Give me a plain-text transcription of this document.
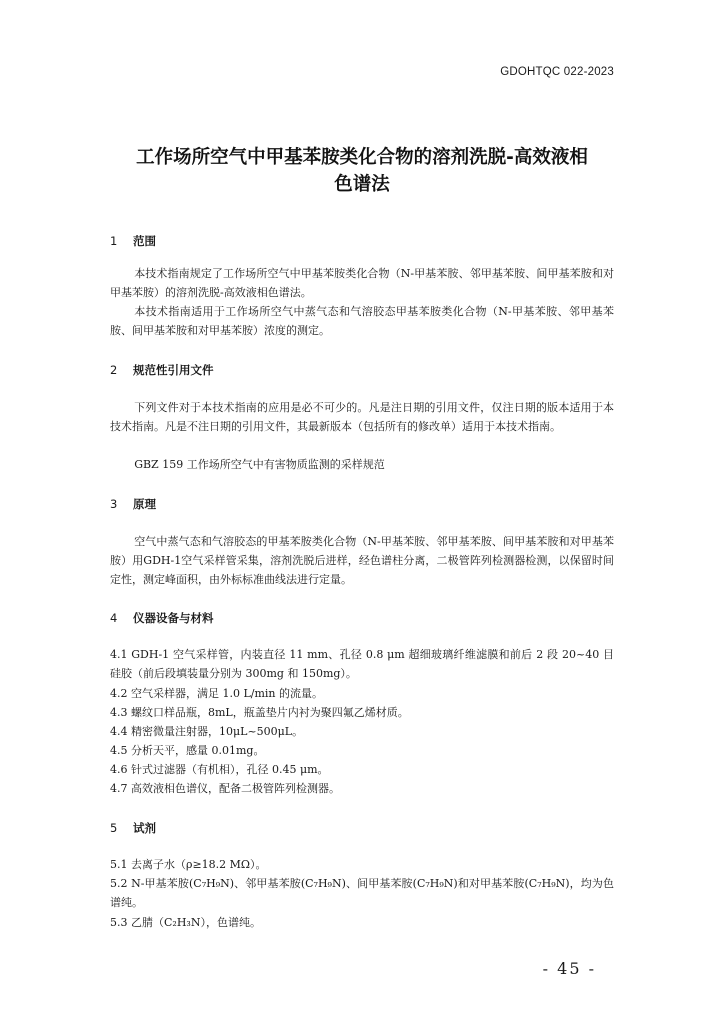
GDOHTQC 022-2023
工作场所空气中甲基苯胺类化合物的溶剂洗脱-高效液相
色谱法
1 范围
本技术指南规定了工作场所空气中甲基苯胺类化合物（N-甲基苯胺、邻甲基苯胺、间甲基苯胺和对甲基苯胺）的溶剂洗脱-高效液相色谱法。
本技术指南适用于工作场所空气中蒸气态和气溶胶态甲基苯胺类化合物（N-甲基苯胺、邻甲基苯胺、间甲基苯胺和对甲基苯胺）浓度的测定。
2 规范性引用文件
下列文件对于本技术指南的应用是必不可少的。凡是注日期的引用文件，仅注日期的版本适用于本技术指南。凡是不注日期的引用文件，其最新版本（包括所有的修改单）适用于本技术指南。
GBZ 159 工作场所空气中有害物质监测的采样规范
3 原理
空气中蒸气态和气溶胶态的甲基苯胺类化合物（N-甲基苯胺、邻甲基苯胺、间甲基苯胺和对甲基苯胺）用GDH-1空气采样管采集，溶剂洗脱后进样，经色谱柱分离，二极管阵列检测器检测，以保留时间定性，测定峰面积，由外标标准曲线法进行定量。
4 仪器设备与材料
4.1 GDH-1 空气采样管，内装直径 11 mm、孔径 0.8 μm 超细玻璃纤维滤膜和前后 2 段 20~40 目硅胶（前后段填装量分别为 300mg 和 150mg）。
4.2 空气采样器，满足 1.0 L/min 的流量。
4.3 螺纹口样品瓶，8mL，瓶盖垫片内衬为聚四氟乙烯材质。
4.4 精密微量注射器，10μL~500μL。
4.5 分析天平，感量 0.01mg。
4.6 针式过滤器（有机相），孔径 0.45 μm。
4.7 高效液相色谱仪，配备二极管阵列检测器。
5 试剂
5.1 去离子水（ρ≥18.2 MΩ）。
5.2 N-甲基苯胺(C₇H₉N)、邻甲基苯胺(C₇H₉N)、间甲基苯胺(C₇H₉N)和对甲基苯胺(C₇H₉N)，均为色谱纯。
5.3 乙腈（C₂H₃N），色谱纯。
- 45 -
